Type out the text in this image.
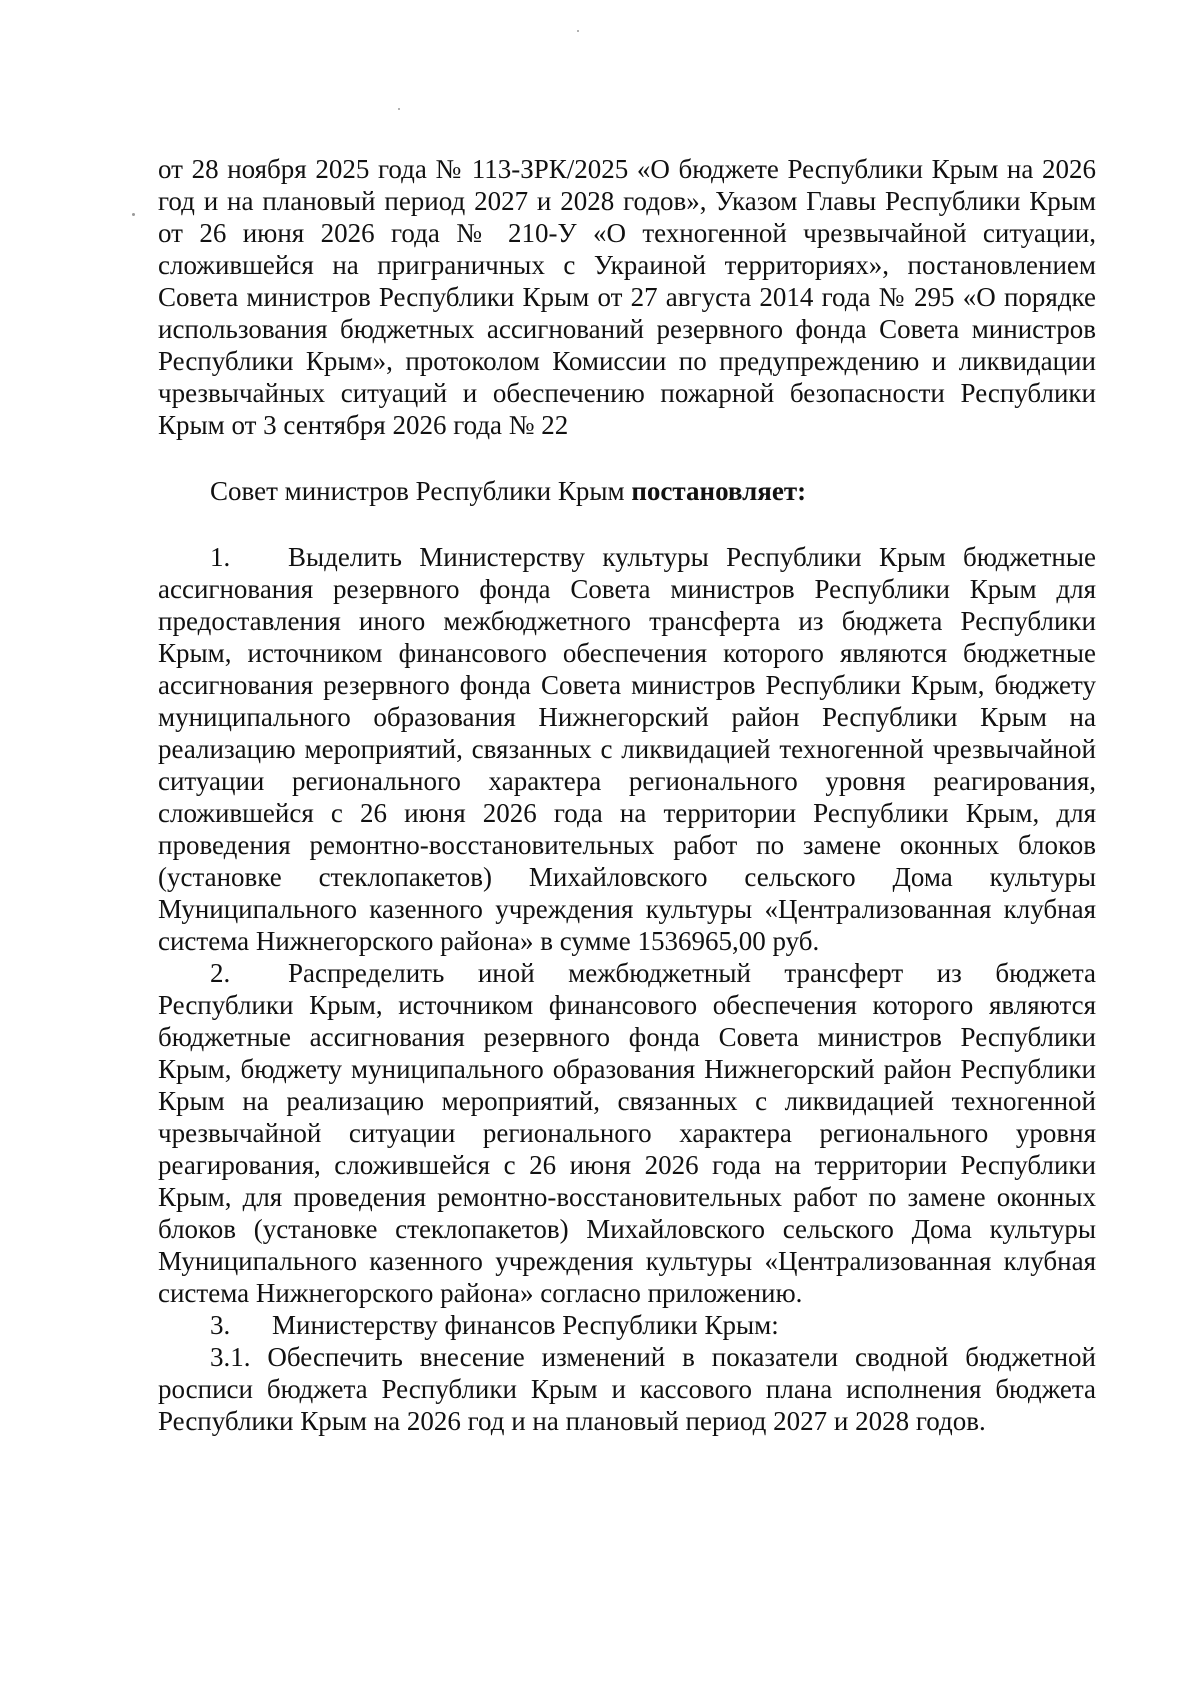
от 28 ноября 2025 года № 113-ЗРК/2025 «О бюджете Республики Крым на 2026 год и на плановый период 2027 и 2028 годов», Указом Главы Республики Крым от 26 июня 2026 года № 210-У «О техногенной чрезвычайной ситуации, сложившейся на приграничных с Украиной территориях», постановлением Совета министров Республики Крым от 27 августа 2014 года № 295 «О порядке использования бюджетных ассигнований резервного фонда Совета министров Республики Крым», протоколом Комиссии по предупреждению и ликвидации чрезвычайных ситуаций и обеспечению пожарной безопасности Республики Крым от 3 сентября 2026 года № 22

Совет министров Республики Крым постановляет:

1. Выделить Министерству культуры Республики Крым бюджетные ассигнования резервного фонда Совета министров Республики Крым для предоставления иного межбюджетного трансферта из бюджета Республики Крым, источником финансового обеспечения которого являются бюджетные ассигнования резервного фонда Совета министров Республики Крым, бюджету муниципального образования Нижнегорский район Республики Крым на реализацию мероприятий, связанных с ликвидацией техногенной чрезвычайной ситуации регионального характера регионального уровня реагирования, сложившейся с 26 июня 2026 года на территории Республики Крым, для проведения ремонтно-восстановительных работ по замене оконных блоков (установке стеклопакетов) Михайловского сельского Дома культуры Муниципального казенного учреждения культуры «Централизованная клубная система Нижнегорского района» в сумме 1536965,00 руб.

2. Распределить иной межбюджетный трансферт из бюджета Республики Крым, источником финансового обеспечения которого являются бюджетные ассигнования резервного фонда Совета министров Республики Крым, бюджету муниципального образования Нижнегорский район Республики Крым на реализацию мероприятий, связанных с ликвидацией техногенной чрезвычайной ситуации регионального характера регионального уровня реагирования, сложившейся с 26 июня 2026 года на территории Республики Крым, для проведения ремонтно-восстановительных работ по замене оконных блоков (установке стеклопакетов) Михайловского сельского Дома культуры Муниципального казенного учреждения культуры «Централизованная клубная система Нижнегорского района» согласно приложению.

3. Министерству финансов Республики Крым:

3.1. Обеспечить внесение изменений в показатели сводной бюджетной росписи бюджета Республики Крым и кассового плана исполнения бюджета Республики Крым на 2026 год и на плановый период 2027 и 2028 годов.
